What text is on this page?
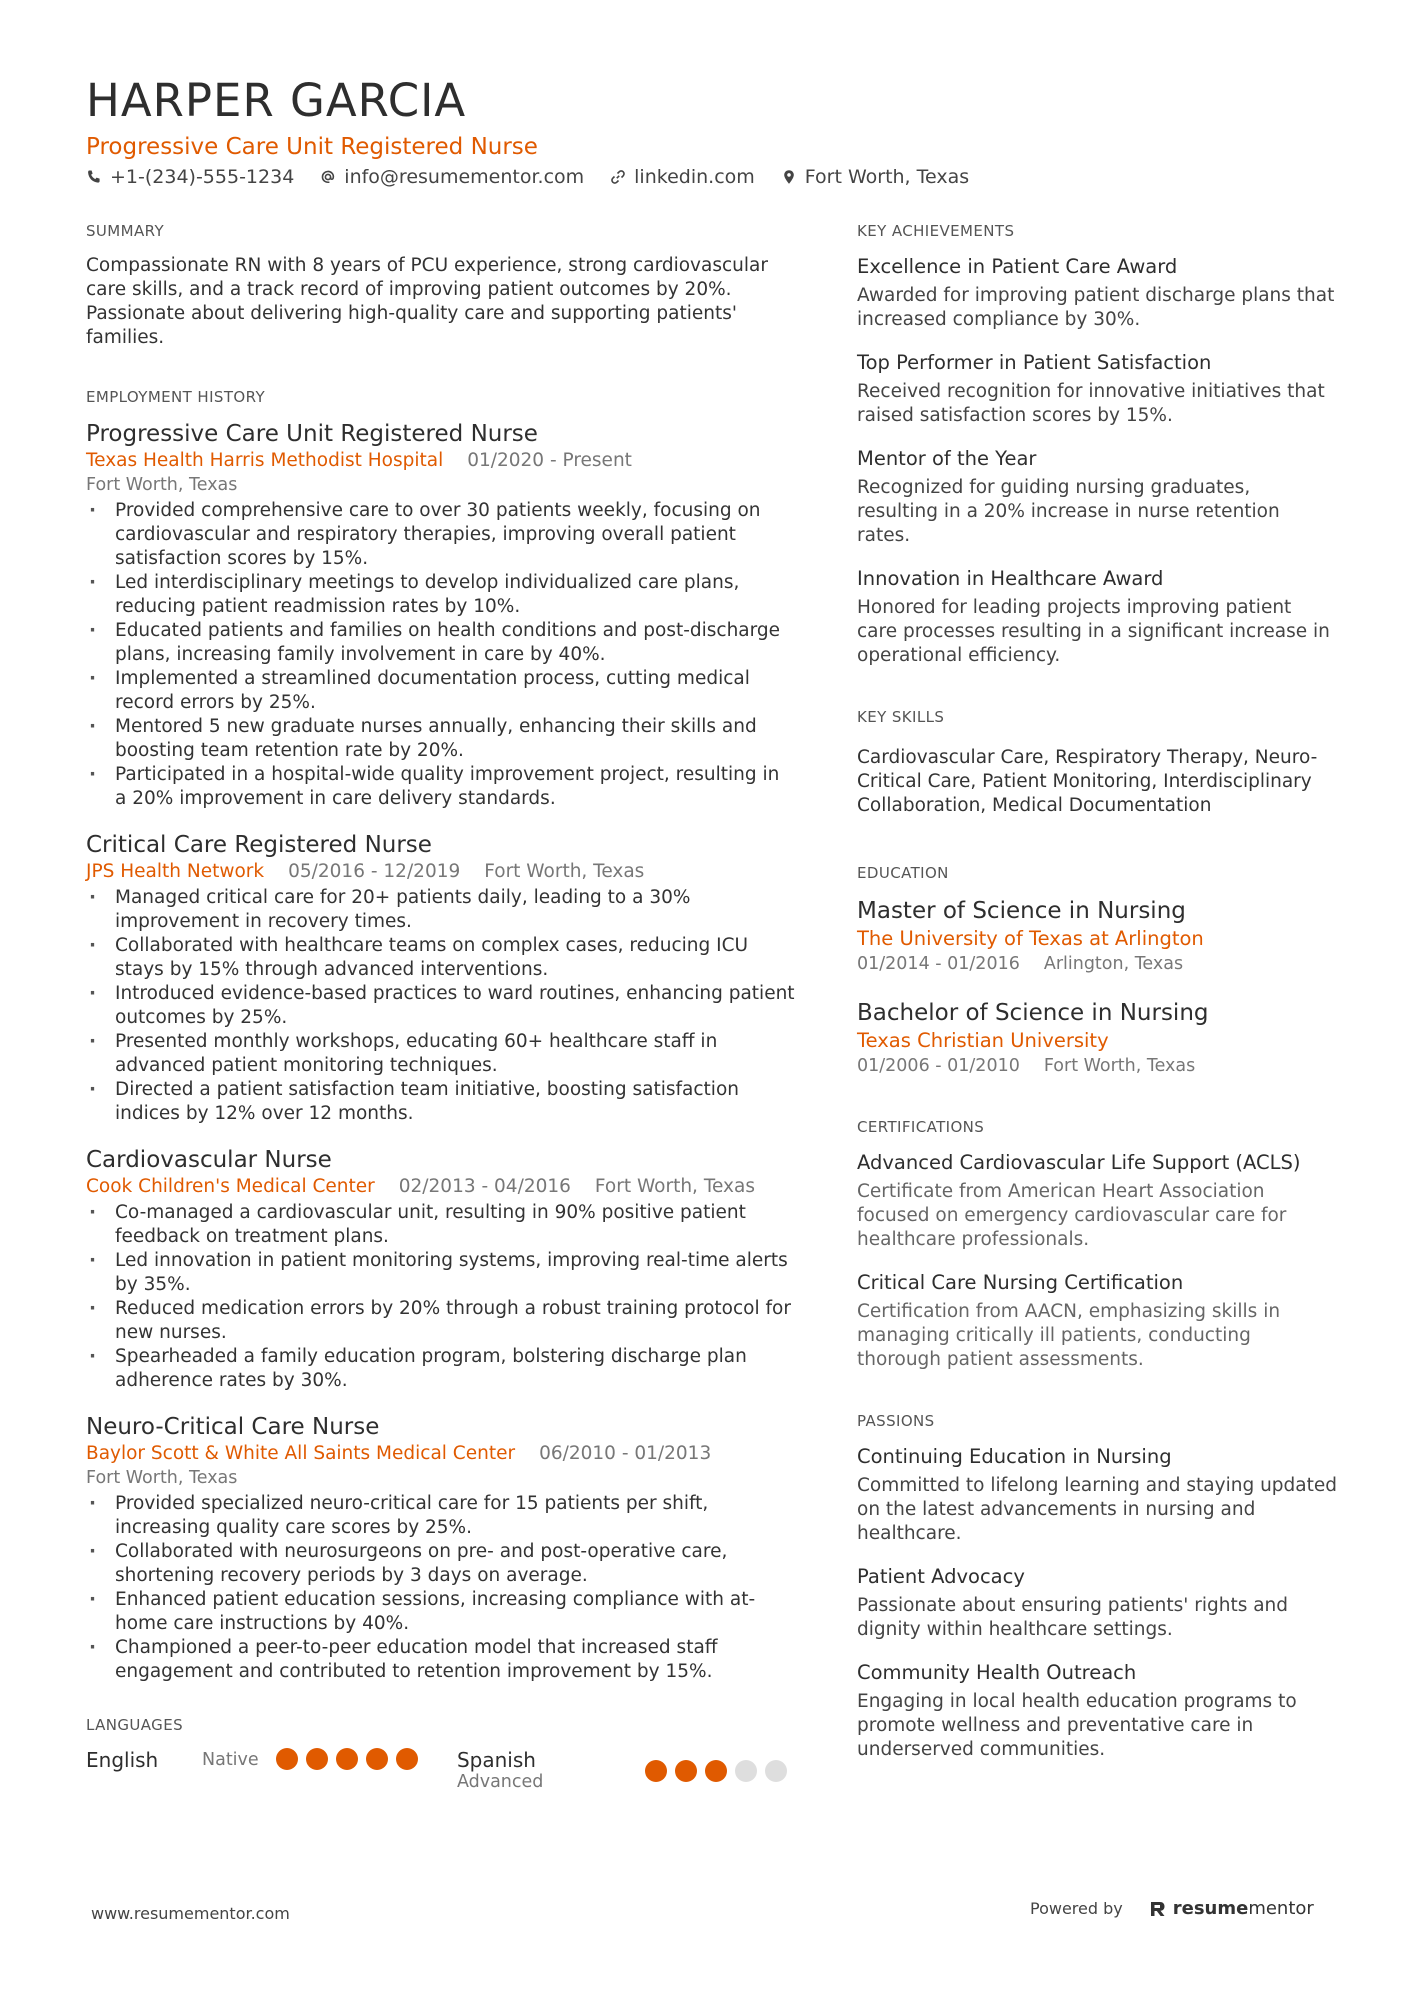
HARPER GARCIA
Progressive Care Unit Registered Nurse
+1-(234)-555-1234	info@resumementor.com	linkedin.com	Fort Worth, Texas
SUMMARY

Compassionate RN with 8 years of PCU experience, strong cardiovascular care skills, and a track record of improving patient outcomes by 20%. Passionate about delivering high-quality care and supporting patients' families.

EMPLOYMENT HISTORY
Progressive Care Unit Registered Nurse
Texas Health Harris Methodist Hospital 01/2020 - Present
Fort Worth, Texas
· Provided comprehensive care to over 30 patients weekly, focusing on cardiovascular and respiratory therapies, improving overall patient satisfaction scores by 15%.
· Led interdisciplinary meetings to develop individualized care plans, reducing patient readmission rates by 10%.
· Educated patients and families on health conditions and post-discharge plans, increasing family involvement in care by 40%.
· Implemented a streamlined documentation process, cutting medical record errors by 25%.
· Mentored 5 new graduate nurses annually, enhancing their skills and boosting team retention rate by 20%.
· Participated in a hospital-wide quality improvement project, resulting in a 20% improvement in care delivery standards.
Critical Care Registered Nurse
JPS Health Network 05/2016 - 12/2019 Fort Worth, Texas
· Managed critical care for 20+ patients daily, leading to a 30% improvement in recovery times.
· Collaborated with healthcare teams on complex cases, reducing ICU stays by 15% through advanced interventions.
· Introduced evidence-based practices to ward routines, enhancing patient outcomes by 25%.
· Presented monthly workshops, educating 60+ healthcare staff in advanced patient monitoring techniques.
· Directed a patient satisfaction team initiative, boosting satisfaction indices by 12% over 12 months.
Cardiovascular Nurse
Cook Children's Medical Center 02/2013 - 04/2016 Fort Worth, Texas
· Co-managed a cardiovascular unit, resulting in 90% positive patient feedback on treatment plans.
· Led innovation in patient monitoring systems, improving real-time alerts by 35%.
· Reduced medication errors by 20% through a robust training protocol for new nurses.
· Spearheaded a family education program, bolstering discharge plan adherence rates by 30%.
Neuro-Critical Care Nurse
Baylor Scott & White All Saints Medical Center 06/2010 - 01/2013
Fort Worth, Texas
· Provided specialized neuro-critical care for 15 patients per shift, increasing quality care scores by 25%.
· Collaborated with neurosurgeons on pre- and post-operative care, shortening recovery periods by 3 days on average.
· Enhanced patient education sessions, increasing compliance with at-home care instructions by 40%.
· Championed a peer-to-peer education model that increased staff engagement and contributed to retention improvement by 15%.
LANGUAGES
English	Native	Spanish
Advanced
KEY ACHIEVEMENTS
Excellence in Patient Care Award
Awarded for improving patient discharge plans that increased compliance by 30%.
Top Performer in Patient Satisfaction
Received recognition for innovative initiatives that raised satisfaction scores by 15%.
Mentor of the Year
Recognized for guiding nursing graduates, resulting in a 20% increase in nurse retention rates.
Innovation in Healthcare Award
Honored for leading projects improving patient care processes resulting in a significant increase in operational efficiency.
KEY SKILLS

Cardiovascular Care, Respiratory Therapy, Neuro-Critical Care, Patient Monitoring, Interdisciplinary Collaboration, Medical Documentation

EDUCATION
Master of Science in Nursing
The University of Texas at Arlington
01/2014 - 01/2016 Arlington, Texas
Bachelor of Science in Nursing
Texas Christian University
01/2006 - 01/2010 Fort Worth, Texas
CERTIFICATIONS
Advanced Cardiovascular Life Support (ACLS)
Certificate from American Heart Association focused on emergency cardiovascular care for healthcare professionals.
Critical Care Nursing Certification
Certification from AACN, emphasizing skills in managing critically ill patients, conducting thorough patient assessments.
PASSIONS
Continuing Education in Nursing
Committed to lifelong learning and staying updated on the latest advancements in nursing and healthcare.
Patient Advocacy
Passionate about ensuring patients' rights and dignity within healthcare settings.
Community Health Outreach
Engaging in local health education programs to promote wellness and preventative care in underserved communities.
www.resumementor.com	Powered by	resumementor
